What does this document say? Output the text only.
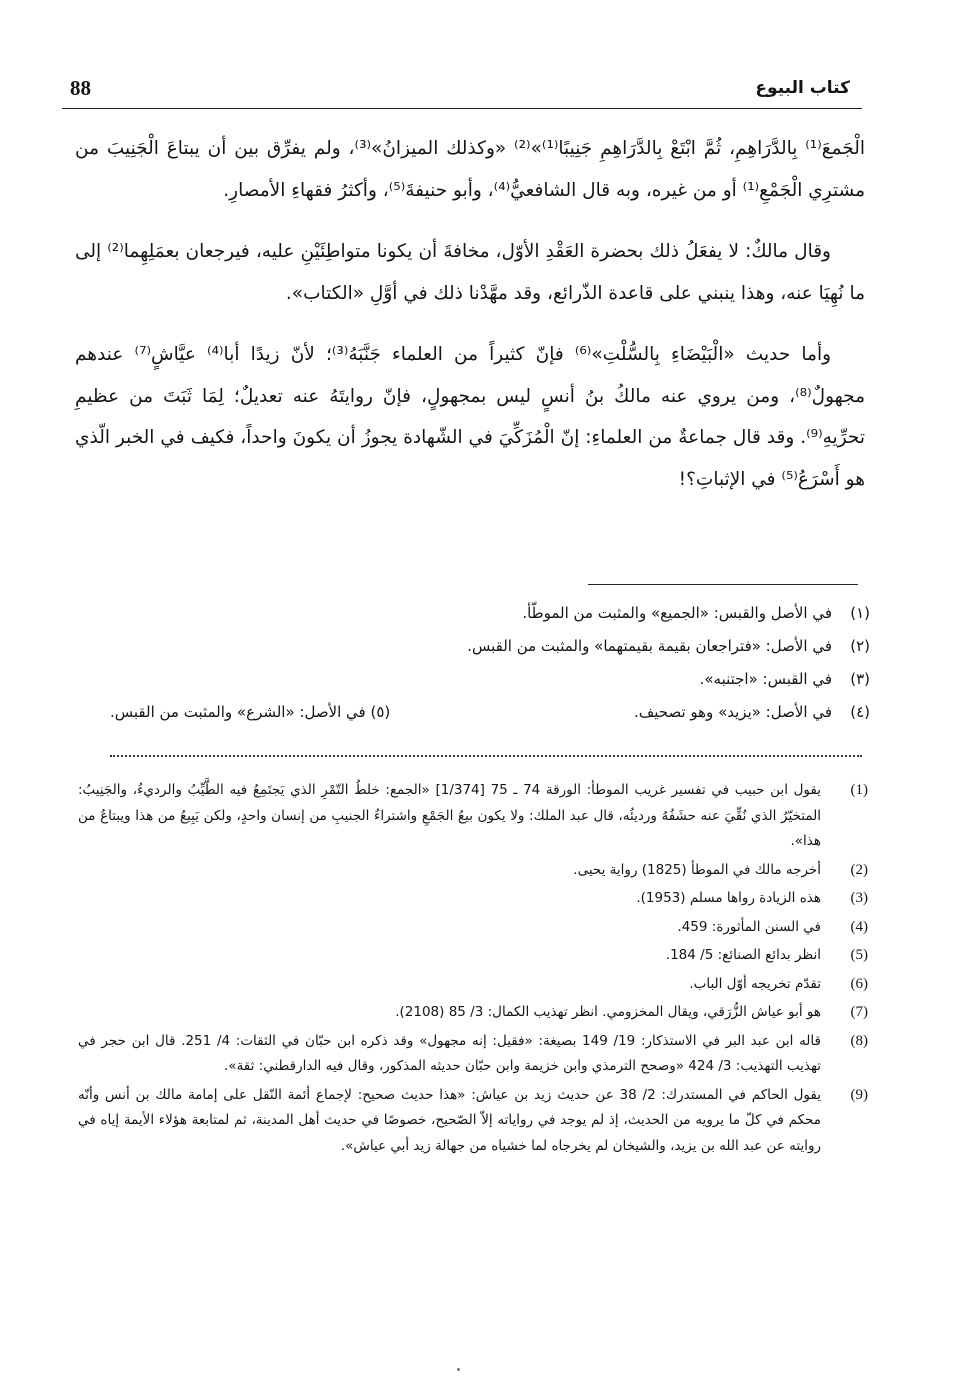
88	كتاب البيوع

الْجَمعَ⁽¹⁾ بِالدَّرَاهِمِ، ثُمَّ ابْتَعْ بِالدَّرَاهِمِ جَنِيبًا⁽¹⁾»⁽²⁾ «وكذلك الميزانُ»⁽³⁾، ولم يفرِّق بين أن يبتاعَ الْجَنِيبَ من مشترِي الْجَمْعِ⁽¹⁾ أو من غيره، وبه قال الشافعيُّ⁽⁴⁾، وأبو حنيفةَ⁽⁵⁾، وأكثرُ فقهاءِ الأمصارِ.

وقال مالكٌ: لا يفعَلُ ذلك بحضرة العَقْدِ الأوّل، مخافةَ أن يكونا متواطِئَيْنِ عليه، فيرجعان بعمَلِهِما⁽²⁾ إلى ما نُهِيَا عنه، وهذا ينبني على قاعدة الذّرائع، وقد مهَّدْنا ذلك في أوَّلِ «الكتاب».

وأما حديث «الْبَيْضَاءِ بِالسُّلْتِ»⁽⁶⁾ فإنّ كثيراً من العلماء جَنَّبَهُ⁽³⁾؛ لأنّ زيدًا أبا⁽⁴⁾ عيَّاشٍ⁽⁷⁾ عندهم مجهولٌ⁽⁸⁾، ومن يروي عنه مالكُ بنُ أنسٍ ليس بمجهولٍ، فإنّ روايتَهُ عنه تعديلٌ؛ لِمَا ثَبَتَ من عظيمِ تحرِّيهِ⁽⁹⁾. وقد قال جماعةٌ من العلماءِ: إنّ الْمُزَكِّيَ في الشّهادة يجوزُ أن يكونَ واحداً، فكيف في الخبر الّذي هو أَسْرَعُ⁽⁵⁾ في الإثباتِ؟!

(١)
في الأصل والقبس: «الجميع» والمثبت من الموطّأ.
(٢)
في الأصل: «فتراجعان بقيمة بقيمتهما» والمثبت من القبس.
(٣)
في القبس: «اجتنبه».
(٤)
في الأصل: «يزيد» وهو تصحيف.
(٥) في الأصل: «الشرع» والمثبت من القبس.
(1)
يقول ابن حبيب في تفسير غريب الموطأ: الورقة 74 ـ 75 [1/374] «الجمع: خلطُ التّمْرِ الذي يَجتَمِعُ فيه الطَّيِّبُ والرديءُ، والجَنِيبُ: المتخيّرُ الذي نُقِّيَ عنه حشَفُهُ ورديئُه، قال عبد الملك: ولا يكون بيعُ الجَمْعِ واشتراءُ الجنيبِ من إنسان واحدٍ، ولكن يَبِيعُ من هذا ويبتاعُ من هذا».
(2)
أخرجه مالك في الموطأ (1825) رواية يحيى.
(3)
هذه الزيادة رواها مسلم (1953).
(4)
في السنن المأثورة: 459.
(5)
انظر بدائع الصنائع: 5/ 184.
(6)
تقدّم تخريجه أوّل الباب.
(7)
هو أبو عياش الزُّرَقي، ويقال المخزومي. انظر تهذيب الكمال: 3/ 85 (2108).
(8)
قاله ابن عبد البر في الاستذكار: 19/ 149 بصيغة: «فقيل: إنه مجهول» وقد ذكره ابن حبّان في الثقات: 4/ 251. قال ابن حجر في تهذيب التهذيب: 3/ 424 «وصحح الترمذي وابن خزيمة وابن حبّان حديثه المذكور، وقال فيه الدارقطني: ثقة».
(9)
يقول الحاكم في المستدرك: 2/ 38 عن حديث زيد بن عياش: «هذا حديث صحيح: لإجماع أئمة النّقل على إمامة مالك بن أنس وأنّه محكم في كلّ ما يرويه من الحديث، إذ لم يوجد في رواياته إلاّ الصّحيح، خصوصًا في حديث أهل المدينة، ثم لمتابعة هؤلاء الأيمة إياه في روايته عن عبد الله بن يزيد، والشيخان لم يخرجاه لما خشياه من جهالة زيد أبي عياش».
